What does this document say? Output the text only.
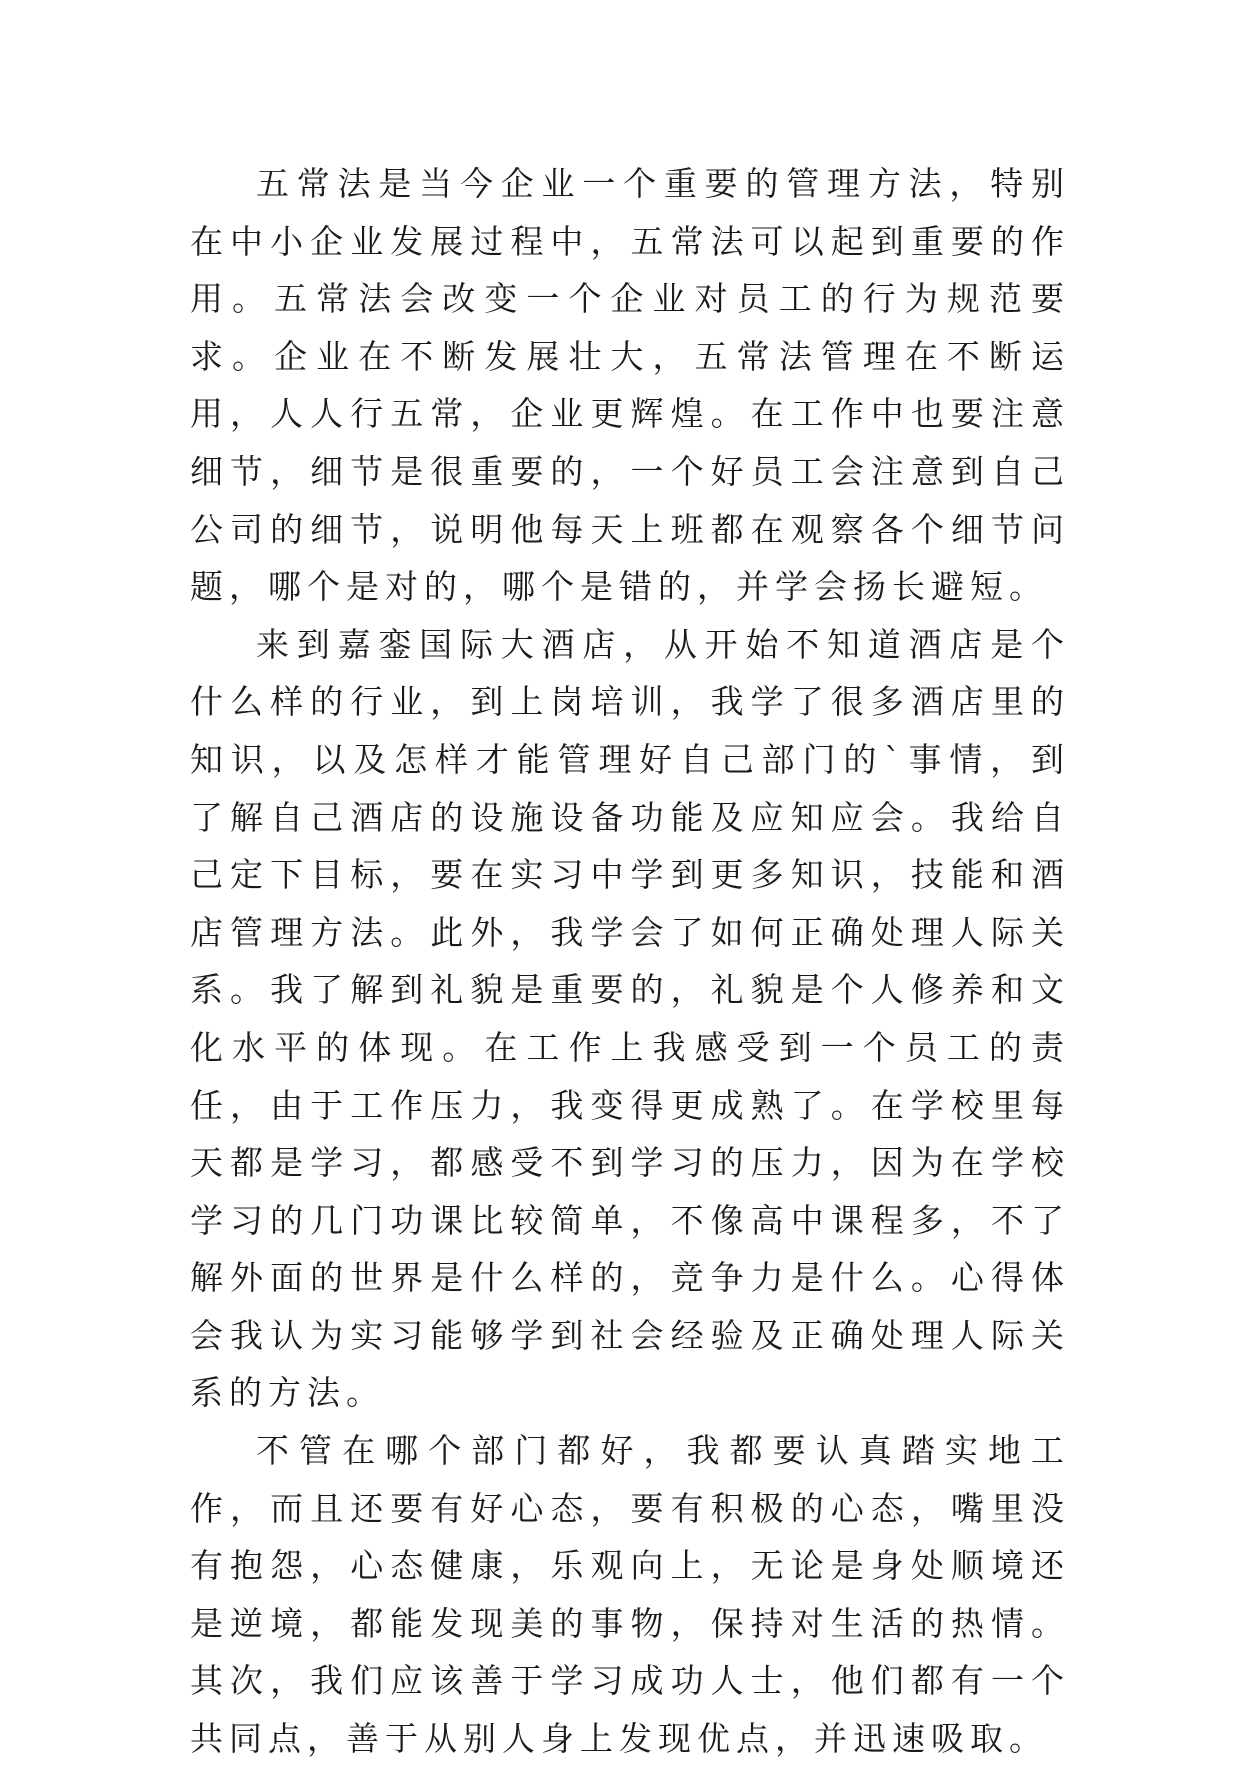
五常法是当今企业一个重要的管理方法，特别在中小企业发展过程中，五常法可以起到重要的作用。五常法会改变一个企业对员工的行为规范要求。企业在不断发展壮大，五常法管理在不断运用，人人行五常，企业更辉煌。在工作中也要注意细节，细节是很重要的，一个好员工会注意到自己公司的细节，说明他每天上班都在观察各个细节问题，哪个是对的，哪个是错的，并学会扬长避短。

来到嘉銮国际大酒店，从开始不知道酒店是个什么样的行业，到上岗培训，我学了很多酒店里的知识，以及怎样才能管理好自己部门的`事情，到了解自己酒店的设施设备功能及应知应会。我给自己定下目标，要在实习中学到更多知识，技能和酒店管理方法。此外，我学会了如何正确处理人际关系。我了解到礼貌是重要的，礼貌是个人修养和文化水平的体现。在工作上我感受到一个员工的责任，由于工作压力，我变得更成熟了。在学校里每天都是学习，都感受不到学习的压力，因为在学校学习的几门功课比较简单，不像高中课程多，不了解外面的世界是什么样的，竞争力是什么。心得体会我认为实习能够学到社会经验及正确处理人际关系的方法。

不管在哪个部门都好，我都要认真踏实地工作，而且还要有好心态，要有积极的心态，嘴里没有抱怨，心态健康，乐观向上，无论是身处顺境还是逆境，都能发现美的事物，保持对生活的热情。其次，我们应该善于学习成功人士，他们都有一个共同点，善于从别人身上发现优点，并迅速吸取。
